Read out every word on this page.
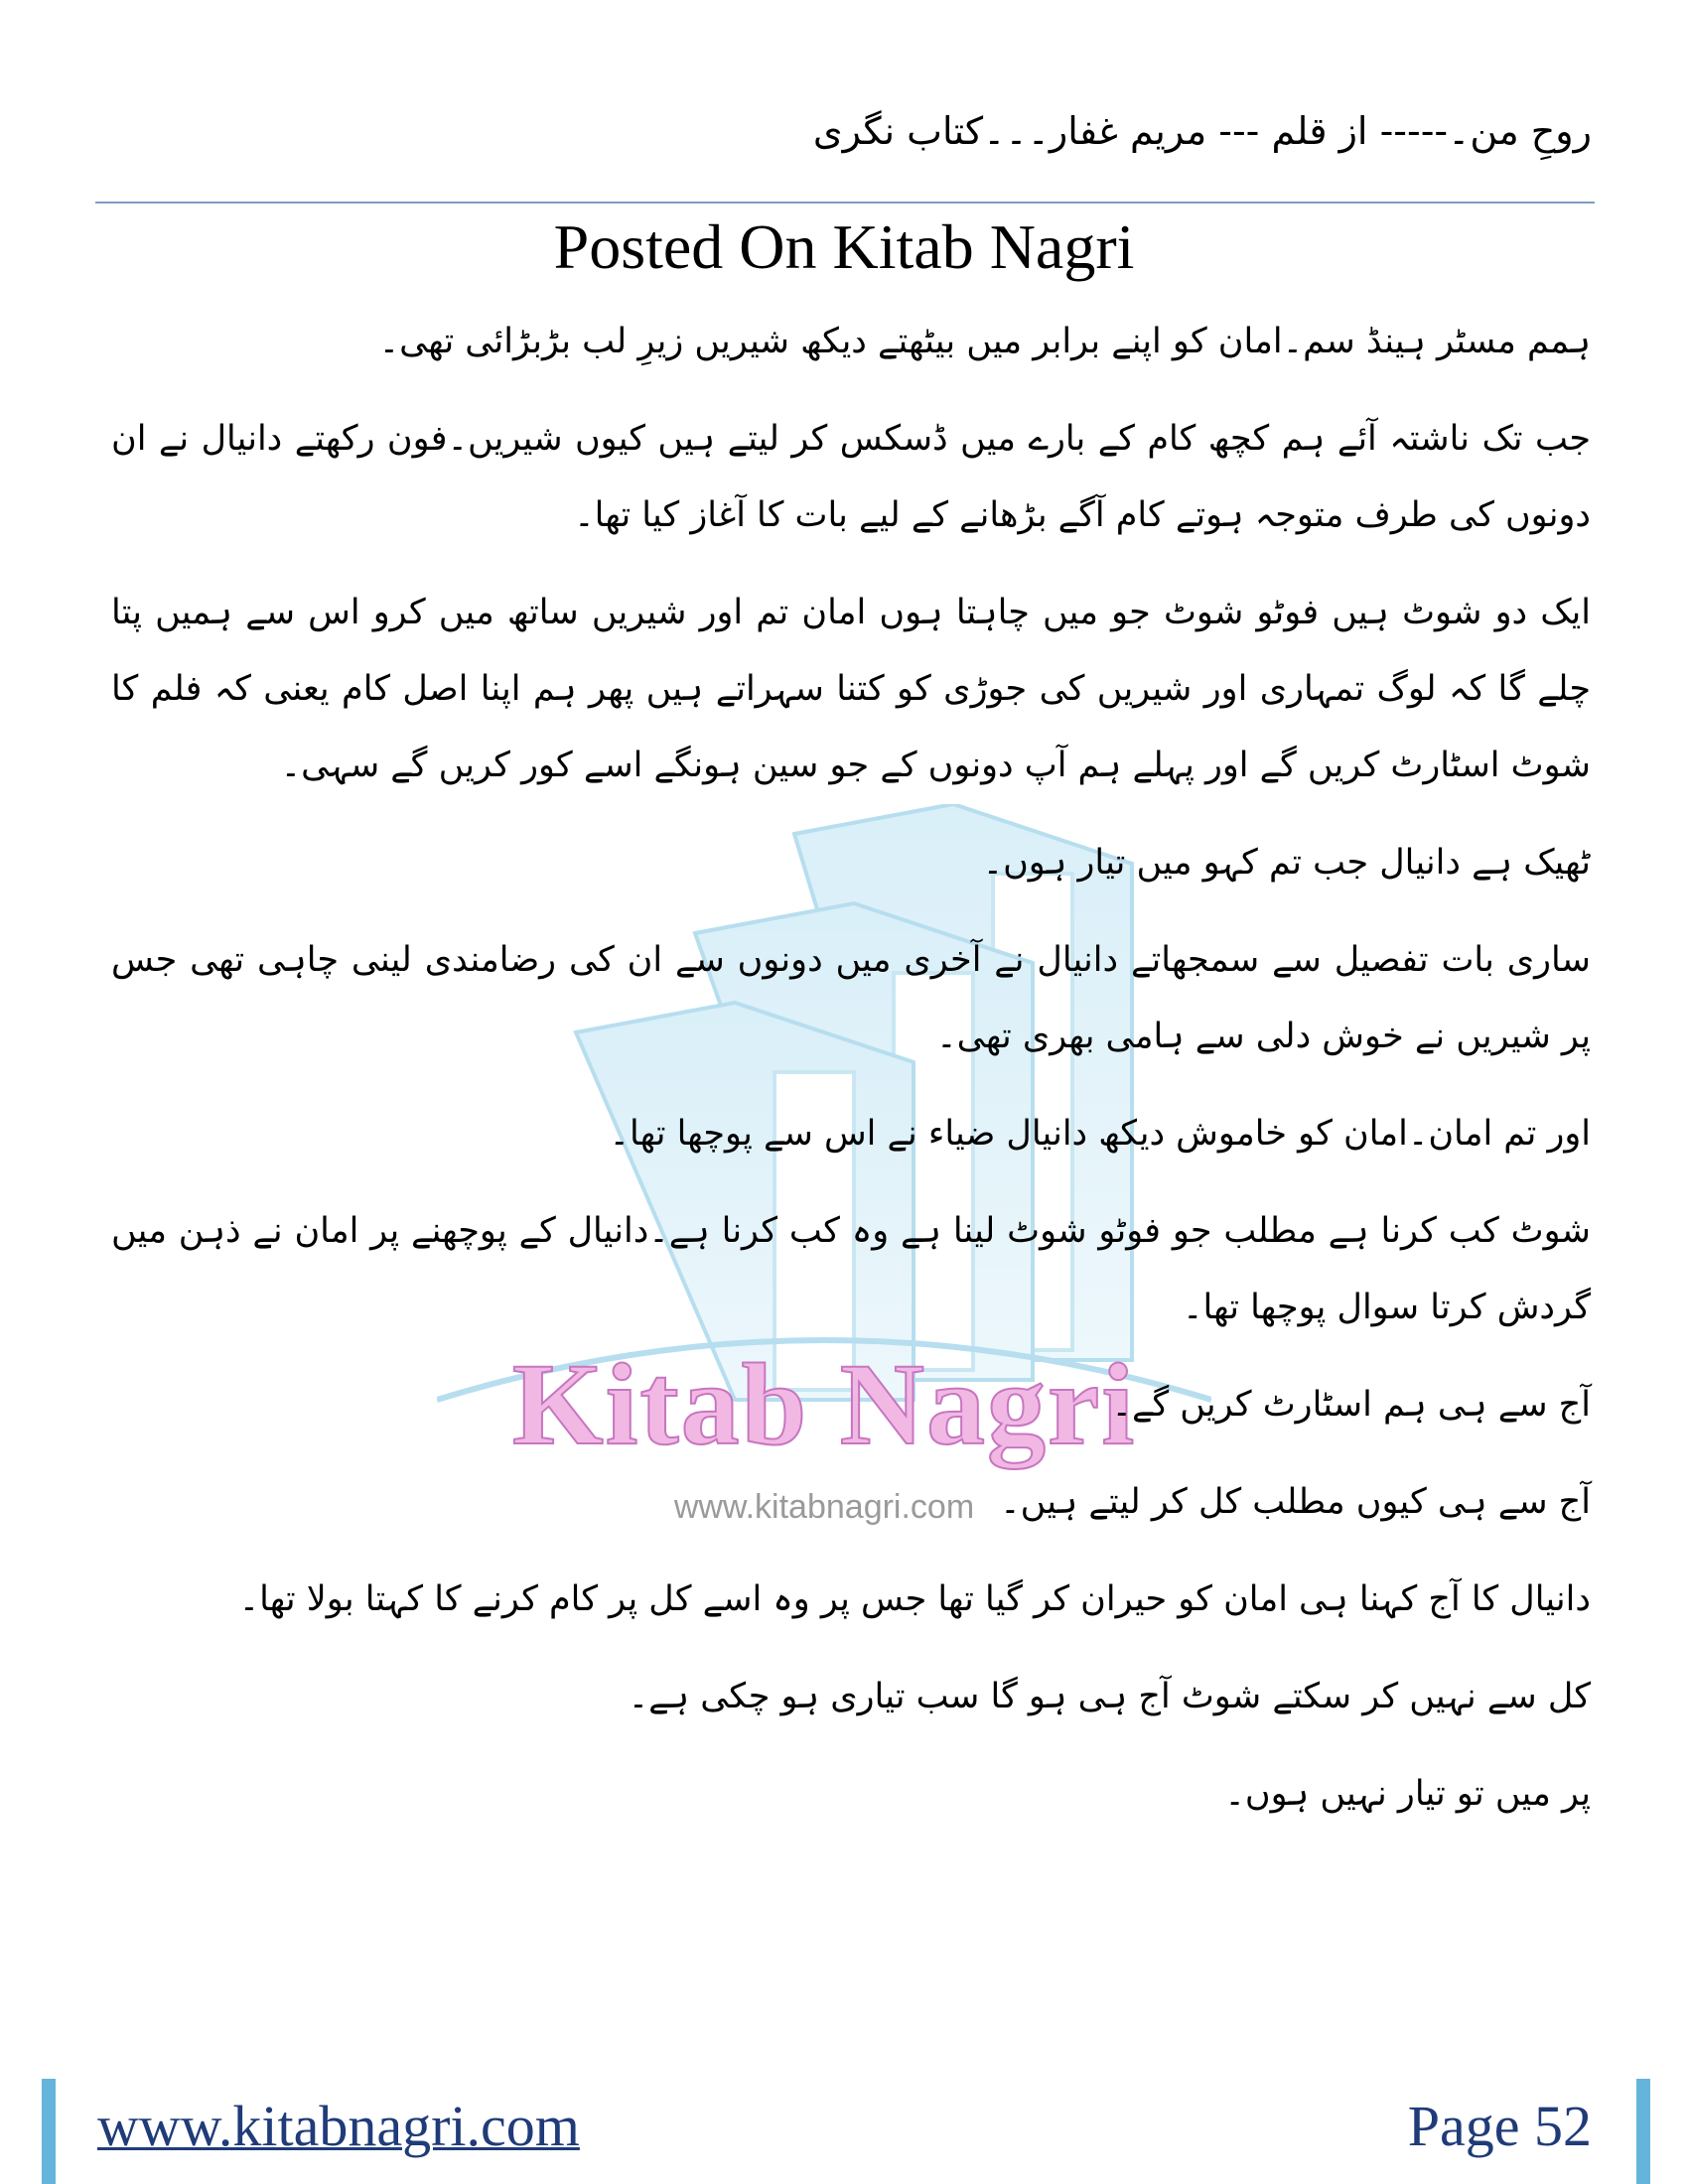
روحِ من۔----- از قلم --- مریم غفار۔۔۔کتاب نگری
Posted On Kitab Nagri
Kitab Nagri
www.kitabnagri.com

ہمم مسٹر ہینڈ سم۔امان کو اپنے برابر میں بیٹھتے دیکھ شیریں زیرِ لب بڑبڑائی تھی۔

جب تک ناشتہ آئے ہم کچھ کام کے بارے میں ڈسکس کر لیتے ہیں کیوں شیریں۔فون رکھتے دانیال نے ان دونوں کی طرف متوجہ ہوتے کام آگے بڑھانے کے لیے بات کا آغاز کیا تھا۔

ایک دو شوٹ ہیں فوٹو شوٹ جو میں چاہتا ہوں امان تم اور شیریں ساتھ میں کرو اس سے ہمیں پتا چلے گا کہ لوگ تمہاری اور شیریں کی جوڑی کو کتنا سہراتے ہیں پھر ہم اپنا اصل کام یعنی کہ فلم کا شوٹ اسٹارٹ کریں گے اور پہلے ہم آپ دونوں کے جو سین ہونگے اسے کور کریں گے سہی۔

ٹھیک ہے دانیال جب تم کہو میں تیار ہوں۔

ساری بات تفصیل سے سمجھاتے دانیال نے آخری میں دونوں سے ان کی رضامندی لینی چاہی تھی جس پر شیریں نے خوش دلی سے ہامی بھری تھی۔

اور تم امان۔امان کو خاموش دیکھ دانیال ضیاء نے اس سے پوچھا تھا۔

شوٹ کب کرنا ہے مطلب جو فوٹو شوٹ لینا ہے وہ کب کرنا ہے۔دانیال کے پوچھنے پر امان نے ذہن میں گردش کرتا سوال پوچھا تھا۔

آج سے ہی ہم اسٹارٹ کریں گے۔

آج سے ہی کیوں مطلب کل کر لیتے ہیں۔

دانیال کا آج کہنا ہی امان کو حیران کر گیا تھا جس پر وہ اسے کل پر کام کرنے کا کہتا بولا تھا۔

کل سے نہیں کر سکتے شوٹ آج ہی ہو گا سب تیاری ہو چکی ہے۔

پر میں تو تیار نہیں ہوں۔

www.kitabnagri.com	Page 52
